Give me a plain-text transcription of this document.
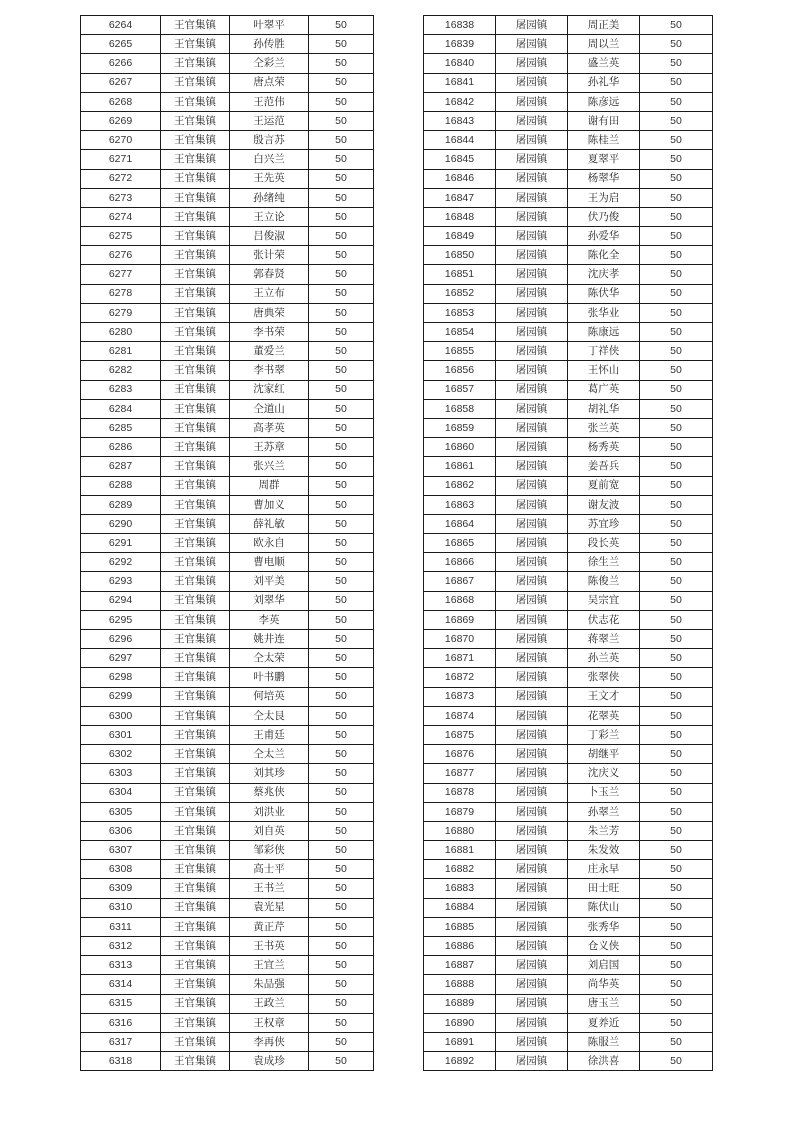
6264	王官集镇	叶翠平	50
6265	王官集镇	孙传胜	50
6266	王官集镇	仝彩兰	50
6267	王官集镇	唐点荣	50
6268	王官集镇	王范伟	50
6269	王官集镇	王运范	50
6270	王官集镇	殷言苏	50
6271	王官集镇	白兴兰	50
6272	王官集镇	王先英	50
6273	王官集镇	孙绪纯	50
6274	王官集镇	王立论	50
6275	王官集镇	吕俊淑	50
6276	王官集镇	张计荣	50
6277	王官集镇	郭春贤	50
6278	王官集镇	王立布	50
6279	王官集镇	唐典荣	50
6280	王官集镇	李书荣	50
6281	王官集镇	董爱兰	50
6282	王官集镇	李书翠	50
6283	王官集镇	沈家红	50
6284	王官集镇	仝道山	50
6285	王官集镇	高孝英	50
6286	王官集镇	王苏章	50
6287	王官集镇	张兴兰	50
6288	王官集镇	周群	50
6289	王官集镇	曹加义	50
6290	王官集镇	薛礼敏	50
6291	王官集镇	欧永自	50
6292	王官集镇	曹电顺	50
6293	王官集镇	刘平美	50
6294	王官集镇	刘翠华	50
6295	王官集镇	李英	50
6296	王官集镇	姚井连	50
6297	王官集镇	仝太荣	50
6298	王官集镇	叶书鹏	50
6299	王官集镇	何培英	50
6300	王官集镇	仝太艮	50
6301	王官集镇	王甫廷	50
6302	王官集镇	仝太兰	50
6303	王官集镇	刘其珍	50
6304	王官集镇	蔡兆侠	50
6305	王官集镇	刘洪业	50
6306	王官集镇	刘自英	50
6307	王官集镇	邹彩侠	50
6308	王官集镇	高士平	50
6309	王官集镇	王书兰	50
6310	王官集镇	袁光星	50
6311	王官集镇	黄正芹	50
6312	王官集镇	王书英	50
6313	王官集镇	王宜兰	50
6314	王官集镇	朱品强	50
6315	王官集镇	王政兰	50
6316	王官集镇	王权章	50
6317	王官集镇	李再侠	50
6318	王官集镇	袁成珍	50
16838	屠园镇	周正美	50
16839	屠园镇	周以兰	50
16840	屠园镇	盛兰英	50
16841	屠园镇	孙礼华	50
16842	屠园镇	陈彦远	50
16843	屠园镇	谢有田	50
16844	屠园镇	陈桂兰	50
16845	屠园镇	夏翠平	50
16846	屠园镇	杨翠华	50
16847	屠园镇	王为启	50
16848	屠园镇	伏乃俊	50
16849	屠园镇	孙爱华	50
16850	屠园镇	陈化全	50
16851	屠园镇	沈庆孝	50
16852	屠园镇	陈伏华	50
16853	屠园镇	张华业	50
16854	屠园镇	陈康远	50
16855	屠园镇	丁祥侠	50
16856	屠园镇	王怀山	50
16857	屠园镇	葛广英	50
16858	屠园镇	胡礼华	50
16859	屠园镇	张兰英	50
16860	屠园镇	杨秀英	50
16861	屠园镇	姜吾兵	50
16862	屠园镇	夏前宽	50
16863	屠园镇	谢友波	50
16864	屠园镇	苏宜珍	50
16865	屠园镇	段长英	50
16866	屠园镇	徐生兰	50
16867	屠园镇	陈俊兰	50
16868	屠园镇	吴宗宜	50
16869	屠园镇	伏志花	50
16870	屠园镇	蒋翠兰	50
16871	屠园镇	孙兰英	50
16872	屠园镇	张翠侠	50
16873	屠园镇	王文才	50
16874	屠园镇	花翠英	50
16875	屠园镇	丁彩兰	50
16876	屠园镇	胡继平	50
16877	屠园镇	沈庆义	50
16878	屠园镇	卜玉兰	50
16879	屠园镇	孙翠兰	50
16880	屠园镇	朱兰芳	50
16881	屠园镇	朱发效	50
16882	屠园镇	庄永早	50
16883	屠园镇	田士旺	50
16884	屠园镇	陈伏山	50
16885	屠园镇	张秀华	50
16886	屠园镇	仓义侠	50
16887	屠园镇	刘启国	50
16888	屠园镇	尚华英	50
16889	屠园镇	唐玉兰	50
16890	屠园镇	夏养近	50
16891	屠园镇	陈服兰	50
16892	屠园镇	徐洪喜	50
